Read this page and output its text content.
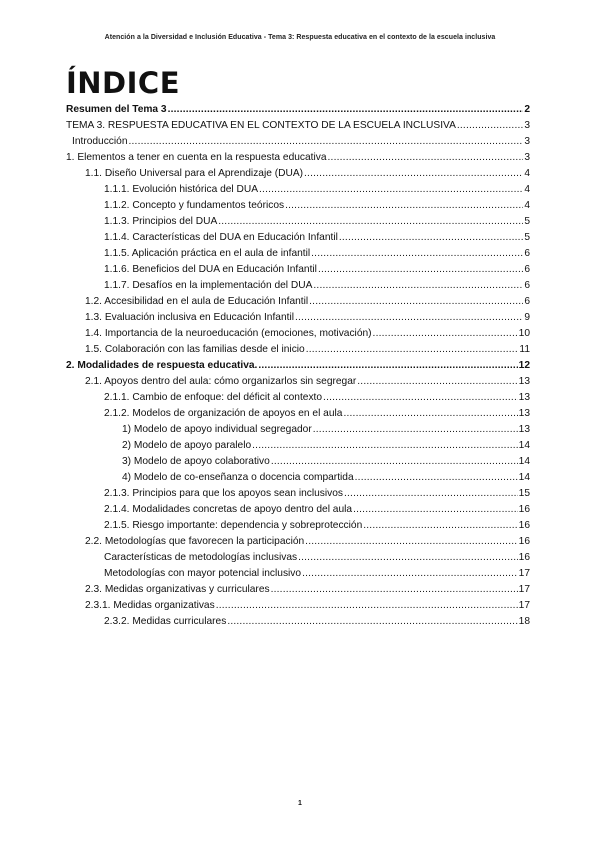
Atención a la Diversidad e Inclusión Educativa - Tema 3: Respuesta educativa en el contexto de la escuela inclusiva
ÍNDICE
Resumen del Tema 3 .....	2
TEMA 3. RESPUESTA EDUCATIVA EN EL CONTEXTO DE LA ESCUELA INCLUSIVA .....	3
Introducción .....	3
1. Elementos a tener en cuenta en la respuesta educativa .....	3
1.1. Diseño Universal para el Aprendizaje (DUA) .....	4
1.1.1. Evolución histórica del DUA .....	4
1.1.2. Concepto y fundamentos teóricos .....	4
1.1.3. Principios del DUA .....	5
1.1.4. Características del DUA en Educación Infantil .....	5
1.1.5. Aplicación práctica en el aula de infantil .....	6
1.1.6. Beneficios del DUA en Educación Infantil .....	6
1.1.7. Desafíos en la implementación del DUA .....	6
1.2. Accesibilidad en el aula de Educación Infantil .....	6
1.3. Evaluación inclusiva en Educación Infantil .....	9
1.4. Importancia de la neuroeducación (emociones, motivación) .....	10
1.5. Colaboración con las familias desde el inicio .....	11
2. Modalidades de respuesta educativa. .....	12
2.1. Apoyos dentro del aula: cómo organizarlos sin segregar .....	13
2.1.1. Cambio de enfoque: del déficit al contexto .....	13
2.1.2. Modelos de organización de apoyos en el aula .....	13
1) Modelo de apoyo individual segregador .....	13
2) Modelo de apoyo paralelo .....	14
3) Modelo de apoyo colaborativo .....	14
4) Modelo de co-enseñanza o docencia compartida .....	14
2.1.3. Principios para que los apoyos sean inclusivos .....	15
2.1.4. Modalidades concretas de apoyo dentro del aula .....	16
2.1.5. Riesgo importante: dependencia y sobreprotección .....	16
2.2. Metodologías que favorecen la participación .....	16
Características de metodologías inclusivas .....	16
Metodologías con mayor potencial inclusivo .....	17
2.3. Medidas organizativas y curriculares .....	17
2.3.1. Medidas organizativas .....	17
2.3.2. Medidas curriculares .....	18
1
